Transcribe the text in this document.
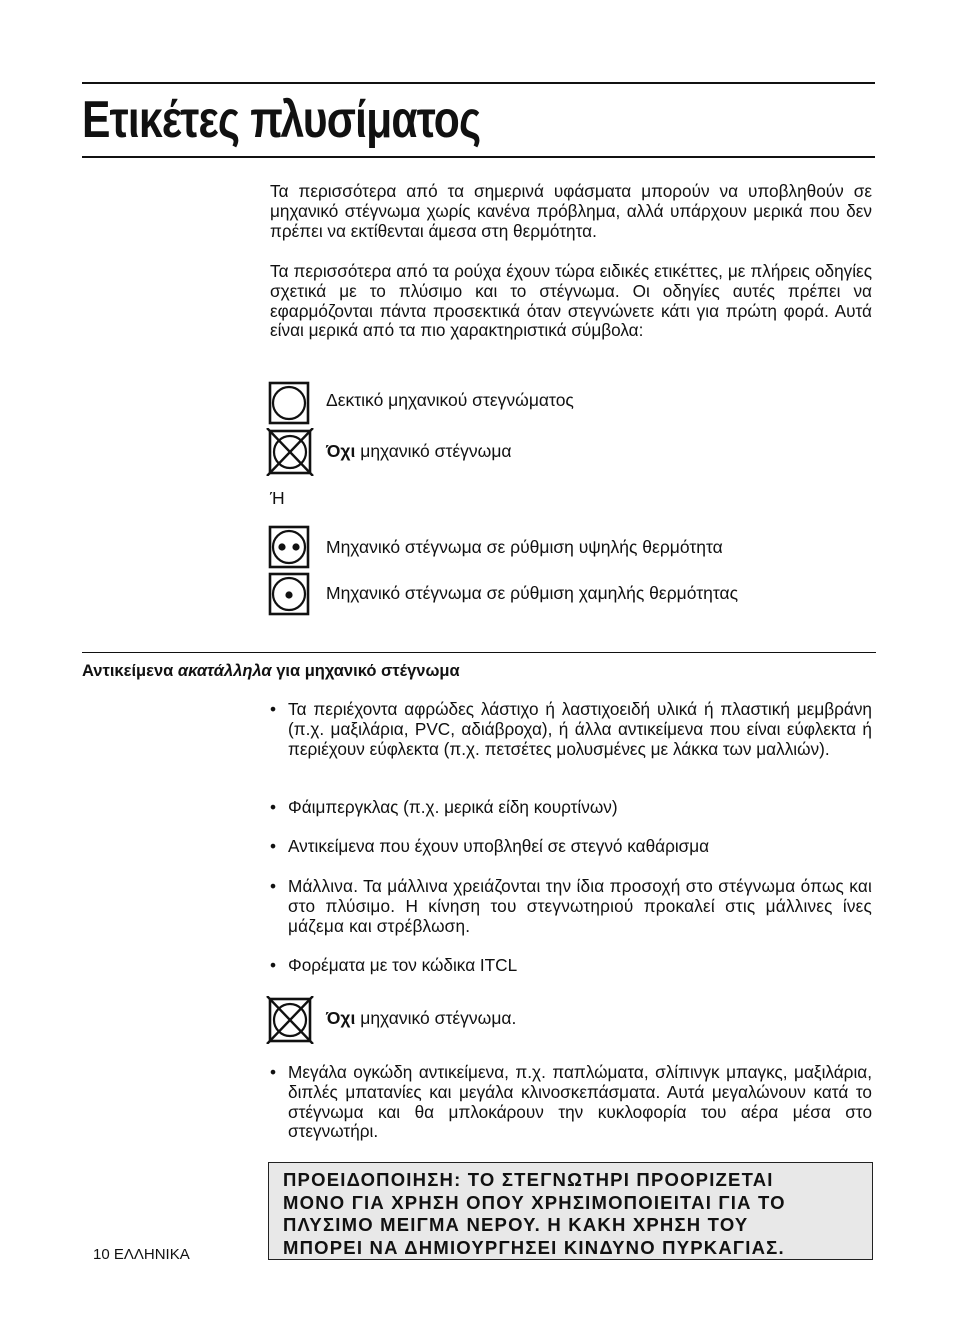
Ετικέτες πλυσίματος

Τα περισσότερα από τα σημερινά υφάσματα μπορούν να υποβληθούν σε μηχανικό στέγνωμα χωρίς κανένα πρόβλημα, αλλά υπάρχουν μερικά που δεν πρέπει να εκτίθενται άμεσα στη θερμότητα.

Τα περισσότερα από τα ρούχα έχουν τώρα ειδικές ετικέττες, με πλήρεις οδηγίες σχετικά με το πλύσιμο και το στέγνωμα. Οι οδηγίες αυτές πρέπει να εφαρμόζονται πάντα προσεκτικά όταν στεγνώνετε κάτι για πρώτη φορά. Αυτά είναι μερικά από τα πιο χαρακτηριστικά σύμβολα:

Δεκτικό μηχανικού στεγνώματος
Όχι μηχανικό στέγνωμα
Ή
Μηχανικό στέγνωμα σε ρύθμιση υψηλής θερμότητα
Μηχανικό στέγνωμα σε ρύθμιση χαμηλής θερμότητας
Αντικείμενα ακατάλληλα για μηχανικό στέγνωμα
• Τα περιέχοντα αφρώδες λάστιχο ή λαστιχοειδή υλικά ή πλαστική μεμβράνη (π.χ. μαξιλάρια, PVC, αδιάβροχα), ή άλλα αντικείμενα που είναι εύφλεκτα ή περιέχουν εύφλεκτα (π.χ. πετσέτες μολυσμένες με λάκκα των μαλλιών).
• Φάιμπεργκλας (π.χ. μερικά είδη κουρτίνων)
• Αντικείμενα που έχουν υποβληθεί σε στεγνό καθάρισμα
• Μάλλινα. Τα μάλλινα χρειάζονται την ίδια προσοχή στο στέγνωμα όπως και στο πλύσιμο. Η κίνηση του στεγνωτηριού προκαλεί στις μάλλινες ίνες μάζεμα και στρέβλωση.
• Φορέματα με τον κώδικα ITCL
Όχι μηχανικό στέγνωμα.
• Μεγάλα ογκώδη αντικείμενα, π.χ. παπλώματα, σλίπινγκ μπαγκς, μαξιλάρια, διπλές μπατανίες και μεγάλα κλινοσκεπάσματα. Αυτά μεγαλώνουν κατά το στέγνωμα και θα μπλοκάρουν την κυκλοφορία του αέρα μέσα στο στεγνωτήρι.
ΠΡΟΕΙΔΟΠΟΙΗΣΗ: ΤΟ ΣΤΕΓΝΩΤΗΡΙ ΠΡΟΟΡΙΖΕΤΑΙ
ΜΟΝΟ ΓΙΑ ΧΡΗΣΗ ΟΠΟΥ ΧΡΗΣΙΜΟΠΟΙΕΙΤΑΙ ΓΙΑ ΤΟ
ΠΛΥΣΙΜΟ ΜΕΙΓΜΑ ΝΕΡΟΥ. Η ΚΑΚΗ ΧΡΗΣΗ ΤΟΥ
ΜΠΟΡΕΙ ΝΑ ΔΗΜΙΟΥΡΓΗΣΕΙ ΚΙΝΔΥΝΟ ΠΥΡΚΑΓΙΑΣ.
10 ΕΛΛΗΝΙΚΑ
